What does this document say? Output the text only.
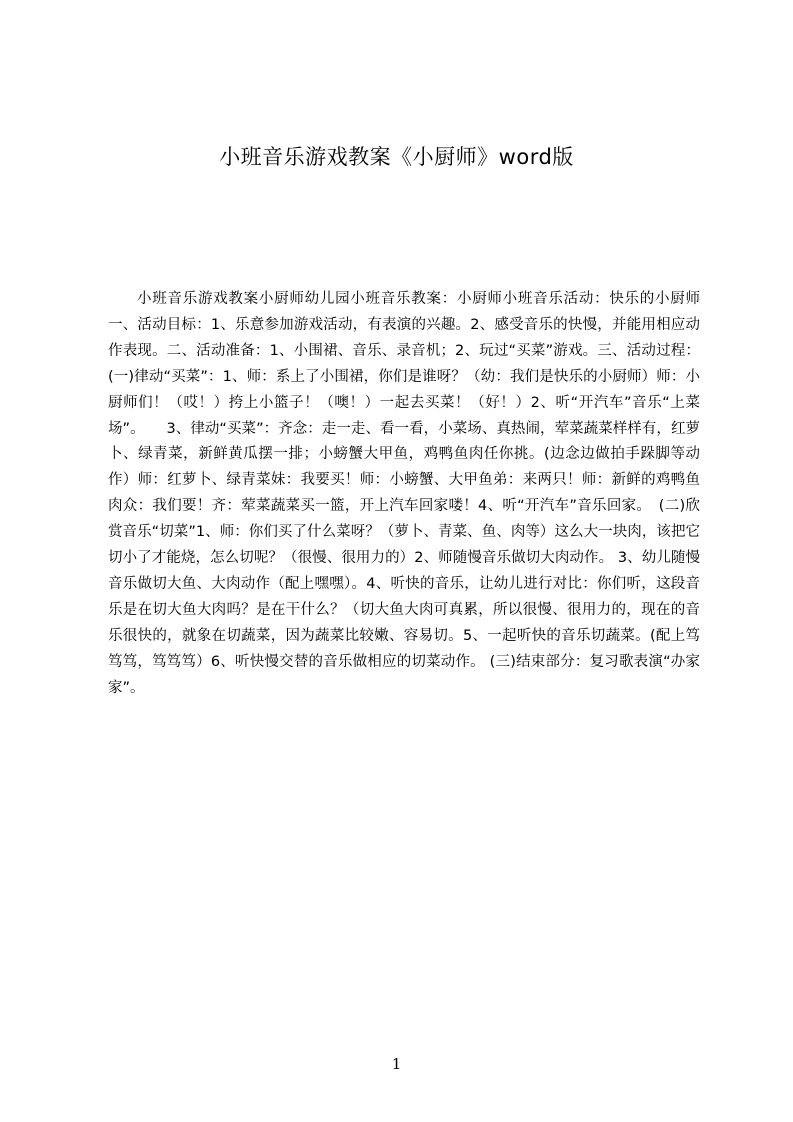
小班音乐游戏教案《小厨师》word版

小班音乐游戏教案小厨师幼儿园小班音乐教案：小厨师小班音乐活动：快乐的小厨师一、活动目标：1、乐意参加游戏活动，有表演的兴趣。2、感受音乐的快慢，并能用相应动作表现。二、活动准备：1、小围裙、音乐、录音机；2、玩过“买菜”游戏。三、活动过程：(一)律动“买菜”：1、师：系上了小围裙，你们是谁呀？（幼：我们是快乐的小厨师）师：小厨师们！（哎！）挎上小篮子！（噢！）一起去买菜！（好！）2、听“开汽车”音乐“上菜场”。　　3、律动“买菜”：齐念：走一走、看一看，小菜场、真热闹，荤菜蔬菜样样有，红萝卜、绿青菜，新鲜黄瓜摆一排；小螃蟹大甲鱼，鸡鸭鱼肉任你挑。(边念边做拍手跺脚等动作）师：红萝卜、绿青菜妹：我要买！师：小螃蟹、大甲鱼弟：来两只！师：新鲜的鸡鸭鱼肉众：我们要！齐：荤菜蔬菜买一篮，开上汽车回家喽！4、听“开汽车”音乐回家。　(二)欣赏音乐“切菜”1、师：你们买了什么菜呀？（萝卜、青菜、鱼、肉等）这么大一块肉，该把它切小了才能烧，怎么切呢？（很慢、很用力的）2、师随慢音乐做切大肉动作。 3、幼儿随慢音乐做切大鱼、大肉动作（配上嘿嘿）。4、听快的音乐，让幼儿进行对比：你们听，这段音乐是在切大鱼大肉吗？是在干什么？（切大鱼大肉可真累，所以很慢、很用力的，现在的音乐很快的，就象在切蔬菜，因为蔬菜比较嫩、容易切。5、一起听快的音乐切蔬菜。(配上笃笃笃，笃笃笃）6、听快慢交替的音乐做相应的切菜动作。 (三)结束部分：复习歌表演“办家家”。

1
